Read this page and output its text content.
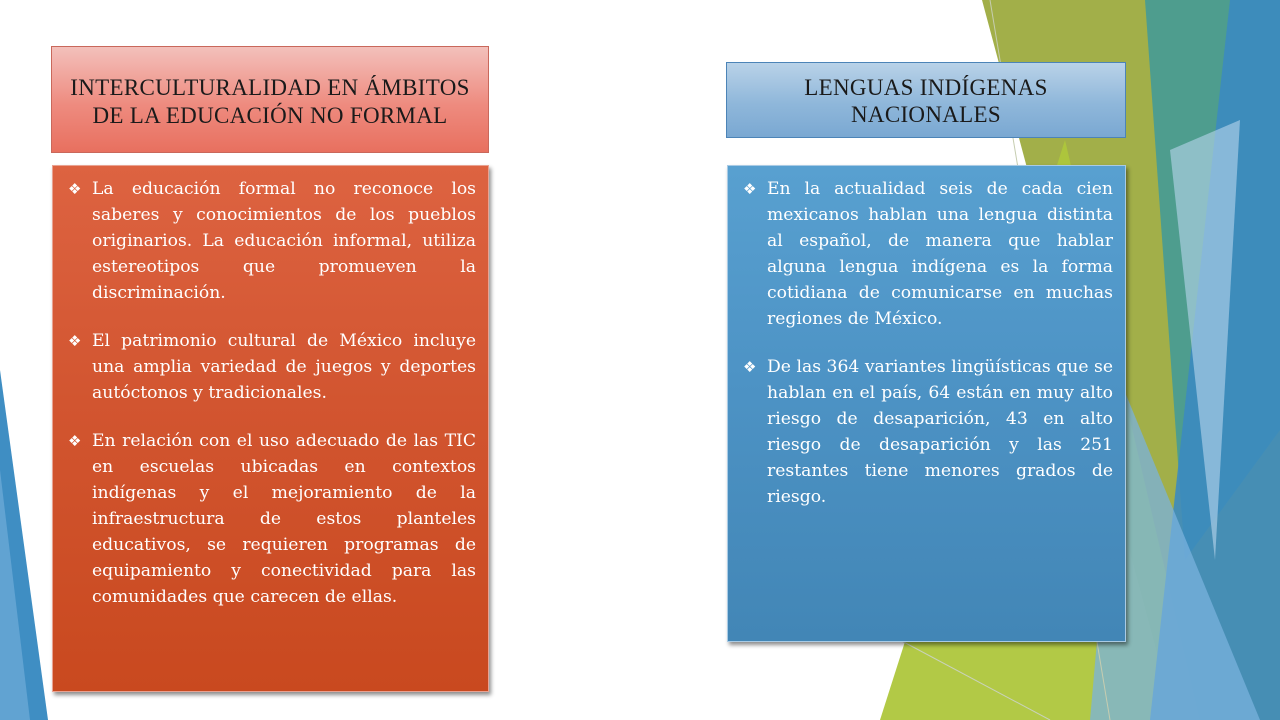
INTERCULTURALIDAD EN ÁMBITOS DE LA EDUCACIÓN NO FORMAL
❖ La educación formal no reconoce los saberes y conocimientos de los pueblos originarios. La educación informal, utiliza estereotipos que promueven la discriminación.
❖ El patrimonio cultural de México incluye una amplia variedad de juegos y deportes autóctonos y tradicionales.
❖ En relación con el uso adecuado de las TIC en escuelas ubicadas en contextos indígenas y el mejoramiento de la infraestructura de estos planteles educativos, se requieren programas de equipamiento y conectividad para las comunidades que carecen de ellas.
LENGUAS INDÍGENAS NACIONALES
❖ En la actualidad seis de cada cien mexicanos hablan una lengua distinta al español, de manera que hablar alguna lengua indígena es la forma cotidiana de comunicarse en muchas regiones de México.
❖ De las 364 variantes lingüísticas que se hablan en el país, 64 están en muy alto riesgo de desaparición, 43 en alto riesgo de desaparición y las 251 restantes tiene menores grados de riesgo.
